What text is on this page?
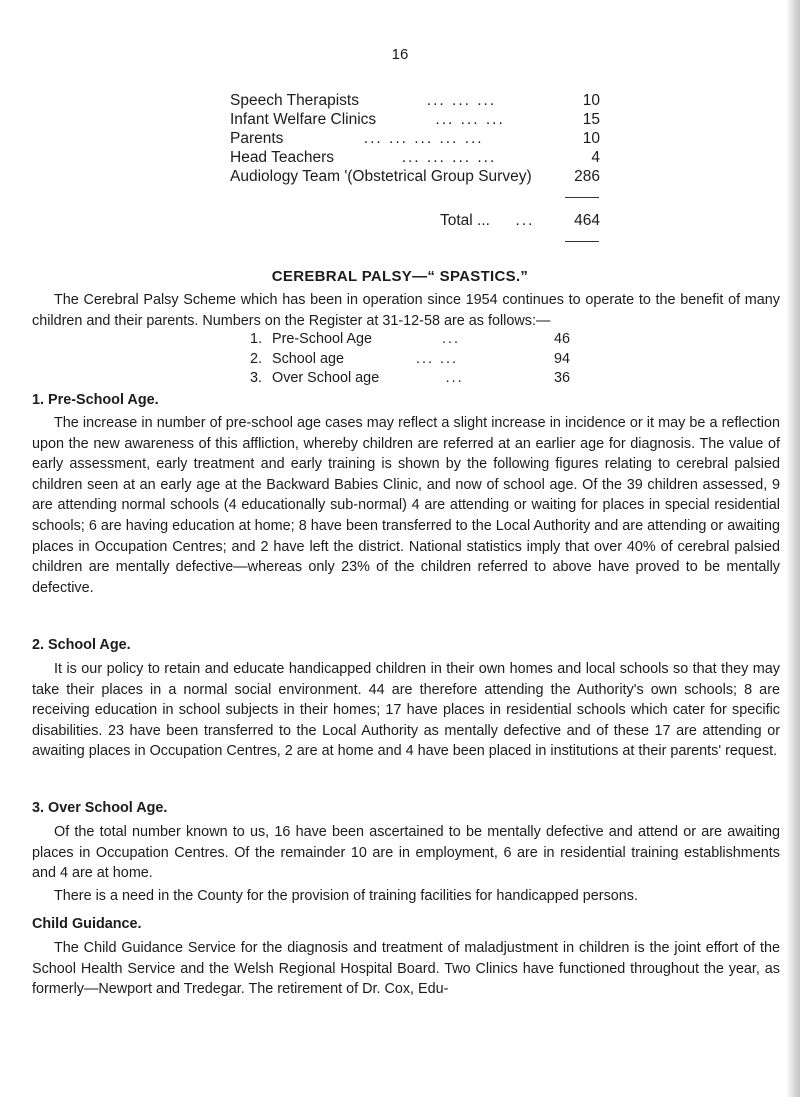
16
Speech Therapists	... ... ...	10
Infant Welfare Clinics	... ... ...	15
Parents	... ... ... ... ...	10
Head Teachers	... ... ... ...	4
Audiology Team '(Obstetrical Group Survey)	286
Total ...	...	464
CEREBRAL PALSY—“ SPASTICS.”

The Cerebral Palsy Scheme which has been in operation since 1954 continues to operate to the benefit of many children and their parents. Numbers on the Register at 31-12-58 are as follows:—

1. Pre-School Age	...	46
2. School age	... ...	94
3. Over School age	...	36
1. Pre-School Age.

The increase in number of pre-school age cases may reflect a slight increase in incidence or it may be a reflection upon the new awareness of this affliction, whereby children are referred at an earlier age for diagnosis. The value of early assessment, early treatment and early training is shown by the following figures relating to cerebral palsied children seen at an early age at the Backward Babies Clinic, and now of school age. Of the 39 children assessed, 9 are attending normal schools (4 educationally sub-normal) 4 are attending or waiting for places in special residential schools; 6 are having education at home; 8 have been transferred to the Local Authority and are attending or awaiting places in Occupation Centres; and 2 have left the district. National statistics imply that over 40% of cerebral palsied children are mentally defective—whereas only 23% of the children referred to above have proved to be mentally defective.

2. School Age.

It is our policy to retain and educate handicapped children in their own homes and local schools so that they may take their places in a normal social environment. 44 are therefore attending the Authority's own schools; 8 are receiving education in school subjects in their homes; 17 have places in residential schools which cater for specific disabilities. 23 have been transferred to the Local Authority as mentally defective and of these 17 are attending or awaiting places in Occupation Centres, 2 are at home and 4 have been placed in institutions at their parents' request.

3. Over School Age.

Of the total number known to us, 16 have been ascertained to be mentally defective and attend or are awaiting places in Occupation Centres. Of the remainder 10 are in employment, 6 are in residential training establishments and 4 are at home.

There is a need in the County for the provision of training facilities for handicapped persons.

Child Guidance.

The Child Guidance Service for the diagnosis and treatment of maladjustment in children is the joint effort of the School Health Service and the Welsh Regional Hospital Board. Two Clinics have functioned throughout the year, as formerly—Newport and Tredegar. The retirement of Dr. Cox, Edu-
